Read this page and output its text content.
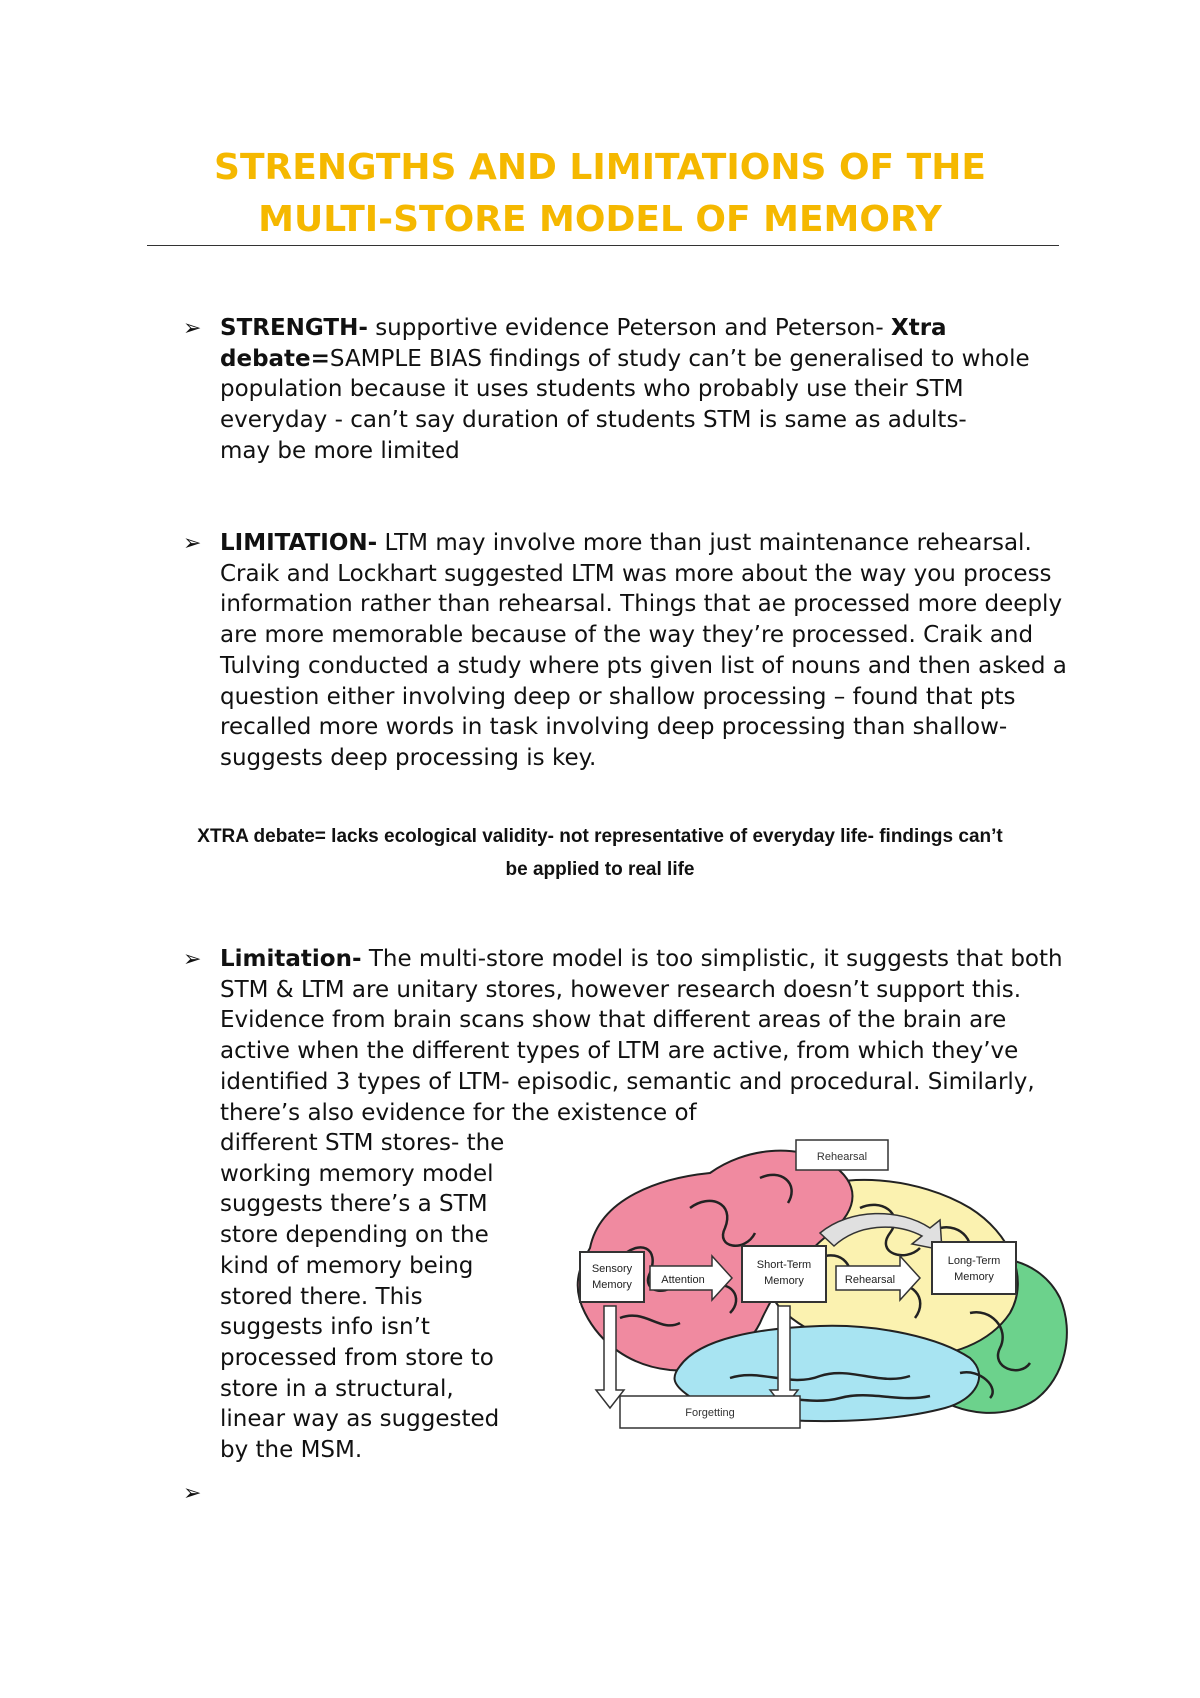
STRENGTHS AND LIMITATIONS OF THE
MULTI-STORE MODEL OF MEMORY
➢ STRENGTH- supportive evidence Peterson and Peterson- Xtra debate=SAMPLE BIAS findings of study can’t be generalised to whole population because it uses students who probably use their STM everyday - can’t say duration of students STM is same as adults-
may be more limited

➢ LIMITATION- LTM may involve more than just maintenance rehearsal. Craik and Lockhart suggested LTM was more about the way you process information rather than rehearsal. Things that ae processed more deeply are more memorable because of the way they’re processed. Craik and Tulving conducted a study where pts given list of nouns and then asked a question either involving deep or shallow processing – found that pts recalled more words in task involving deep processing than shallow- suggests deep processing is key.

XTRA debate= lacks ecological validity- not representative of everyday life- findings can’t
be applied to real life
➢ Limitation- The multi-store model is too simplistic, it suggests that both STM & LTM are unitary stores, however research doesn’t support this. Evidence from brain scans show that different areas of the brain are active when the different types of LTM are active, from which they’ve identified 3 types of LTM- episodic, semantic and procedural. Similarly, there’s also evidence for the existence of

different STM stores- the working memory model suggests there’s a STM store depending on the kind of memory being stored there. This suggests info isn’t processed from store to store in a structural, linear way as suggested by the MSM.

➢
Rehearsal
Sensory
Memory	Attention
Short-Term
Memory	Rehearsal
Long-Term
Memory
Forgetting
